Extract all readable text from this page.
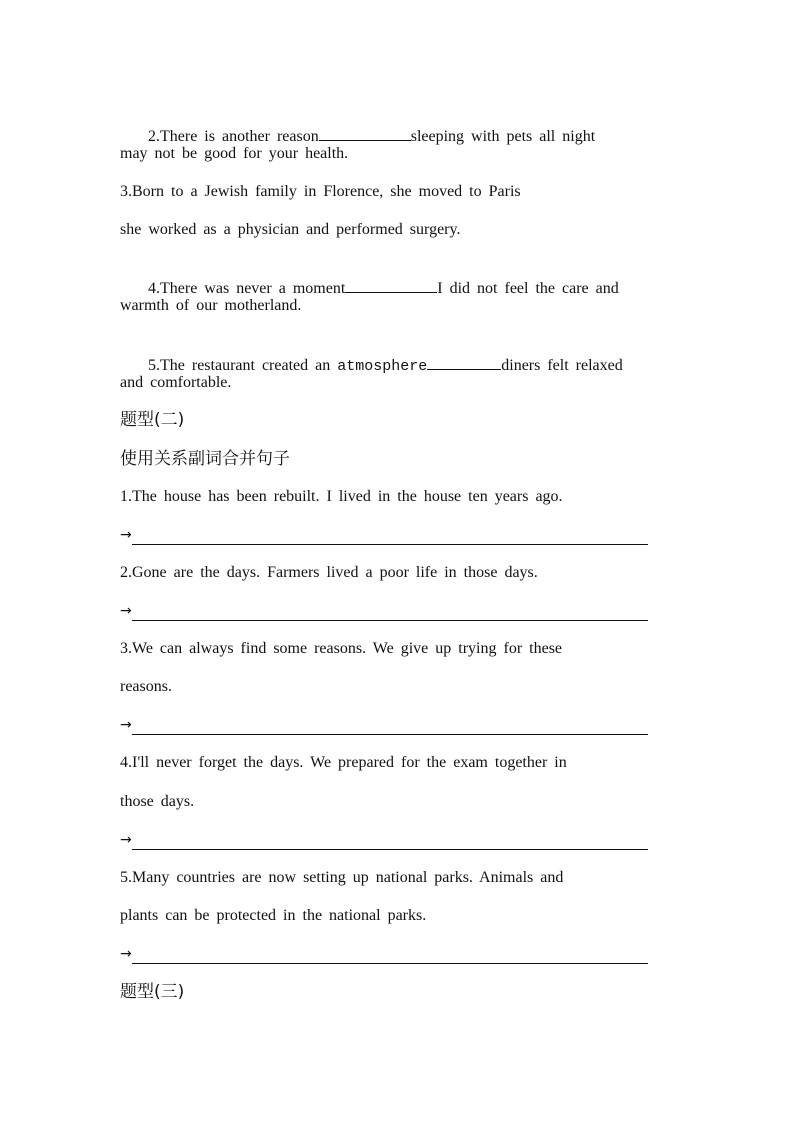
2.There is another reason	sleeping with pets all night

may not be good for your health.
3.Born to a Jewish family in Florence, she moved to Paris
she worked as a physician and performed surgery.

4.There was never a moment	I did not feel the care and

warmth of our motherland.

5.The restaurant created an atmosphere	diners felt relaxed

and comfortable.
题型(二)
使用关系副词合并句子
1.The house has been rebuilt. I lived in the house ten years ago.
→
2.Gone are the days. Farmers lived a poor life in those days.
→
3.We can always find some reasons. We give up trying for these
reasons.
→
4.I'll never forget the days. We prepared for the exam together in
those days.
→
5.Many countries are now setting up national parks. Animals and
plants can be protected in the national parks.
→
题型(三)
